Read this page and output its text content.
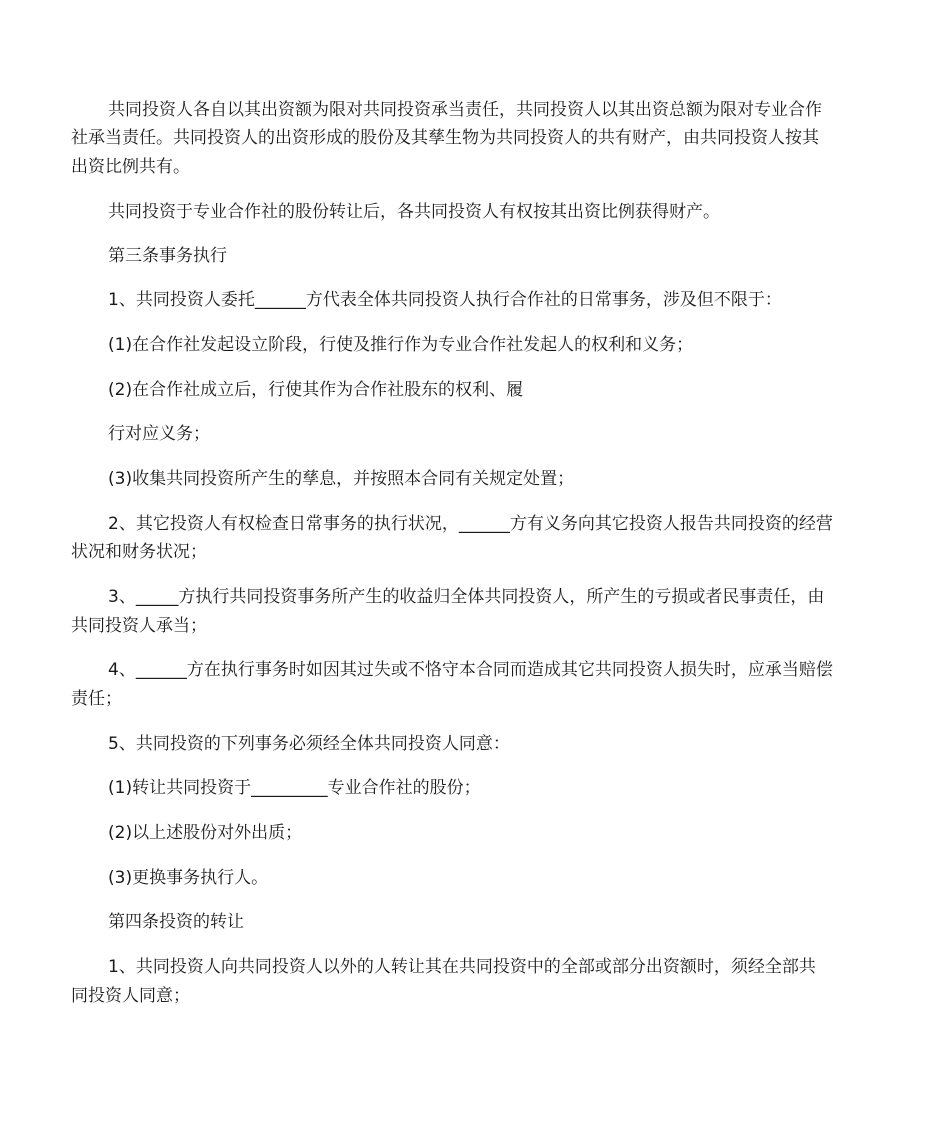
共同投资人各自以其出资额为限对共同投资承当责任，共同投资人以其出资总额为限对专业合作

社承当责任。共同投资人的出资形成的股份及其孳生物为共同投资人的共有财产，由共同投资人按其

出资比例共有。

共同投资于专业合作社的股份转让后，各共同投资人有权按其出资比例获得财产。

第三条事务执行

1、共同投资人委托______方代表全体共同投资人执行合作社的日常事务，涉及但不限于：

(1)在合作社发起设立阶段，行使及推行作为专业合作社发起人的权利和义务；

(2)在合作社成立后，行使其作为合作社股东的权利、履

行对应义务；

(3)收集共同投资所产生的孳息，并按照本合同有关规定处置；

2、其它投资人有权检查日常事务的执行状况，______方有义务向其它投资人报告共同投资的经营

状况和财务状况；

3、_____方执行共同投资事务所产生的收益归全体共同投资人，所产生的亏损或者民事责任，由

共同投资人承当；

4、______方在执行事务时如因其过失或不恪守本合同而造成其它共同投资人损失时，应承当赔偿

责任；

5、共同投资的下列事务必须经全体共同投资人同意：

(1)转让共同投资于_________专业合作社的股份；

(2)以上述股份对外出质；

(3)更换事务执行人。

第四条投资的转让

1、共同投资人向共同投资人以外的人转让其在共同投资中的全部或部分出资额时，须经全部共

同投资人同意；
